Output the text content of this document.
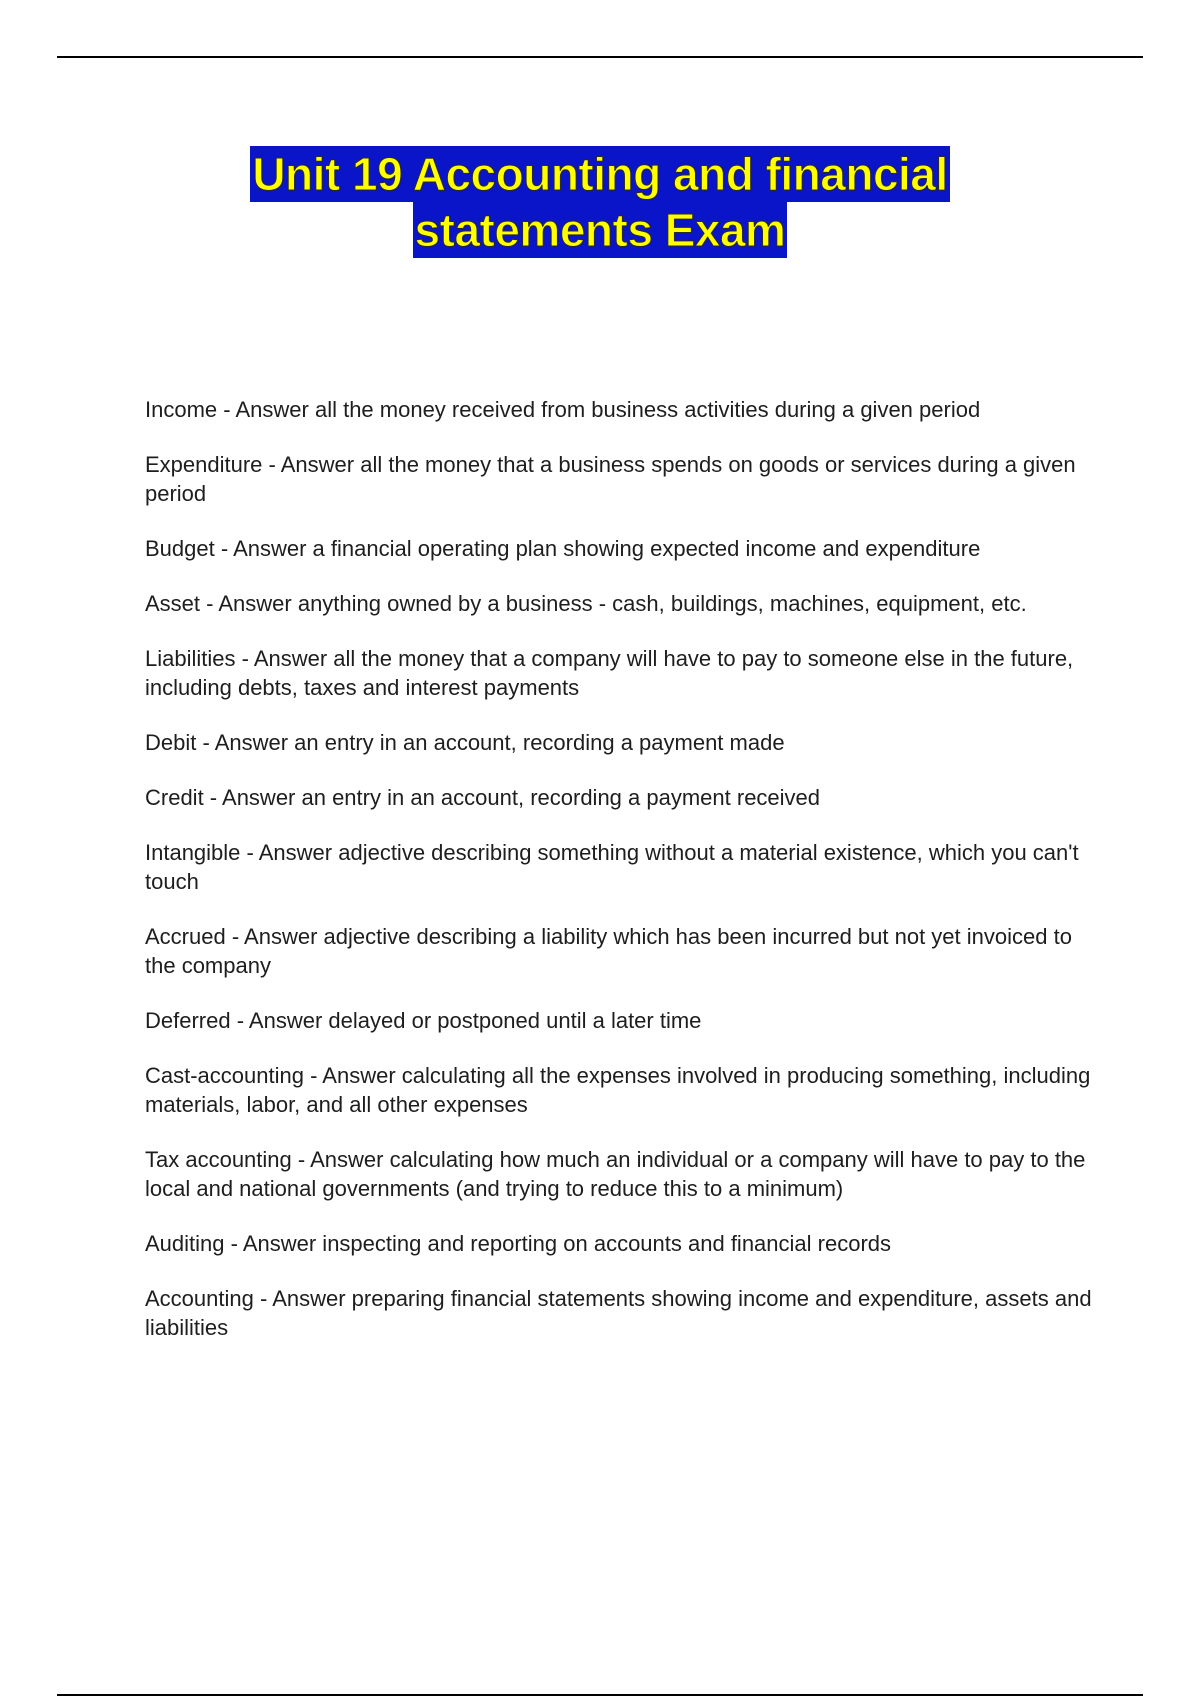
Unit 19 Accounting and financial
statements Exam
Income - Answer all the money received from business activities during a given period
Expenditure - Answer all the money that a business spends on goods or services during a given period
Budget - Answer a financial operating plan showing expected income and expenditure
Asset - Answer anything owned by a business - cash, buildings, machines, equipment, etc.
Liabilities - Answer all the money that a company will have to pay to someone else in the future, including debts, taxes and interest payments
Debit - Answer an entry in an account, recording a payment made
Credit - Answer an entry in an account, recording a payment received
Intangible - Answer adjective describing something without a material existence, which you can't touch
Accrued - Answer adjective describing a liability which has been incurred but not yet invoiced to the company
Deferred - Answer delayed or postponed until a later time
Cast-accounting - Answer calculating all the expenses involved in producing something, including materials, labor, and all other expenses
Tax accounting - Answer calculating how much an individual or a company will have to pay to the local and national governments (and trying to reduce this to a minimum)
Auditing - Answer inspecting and reporting on accounts and financial records
Accounting - Answer preparing financial statements showing income and expenditure, assets and liabilities
